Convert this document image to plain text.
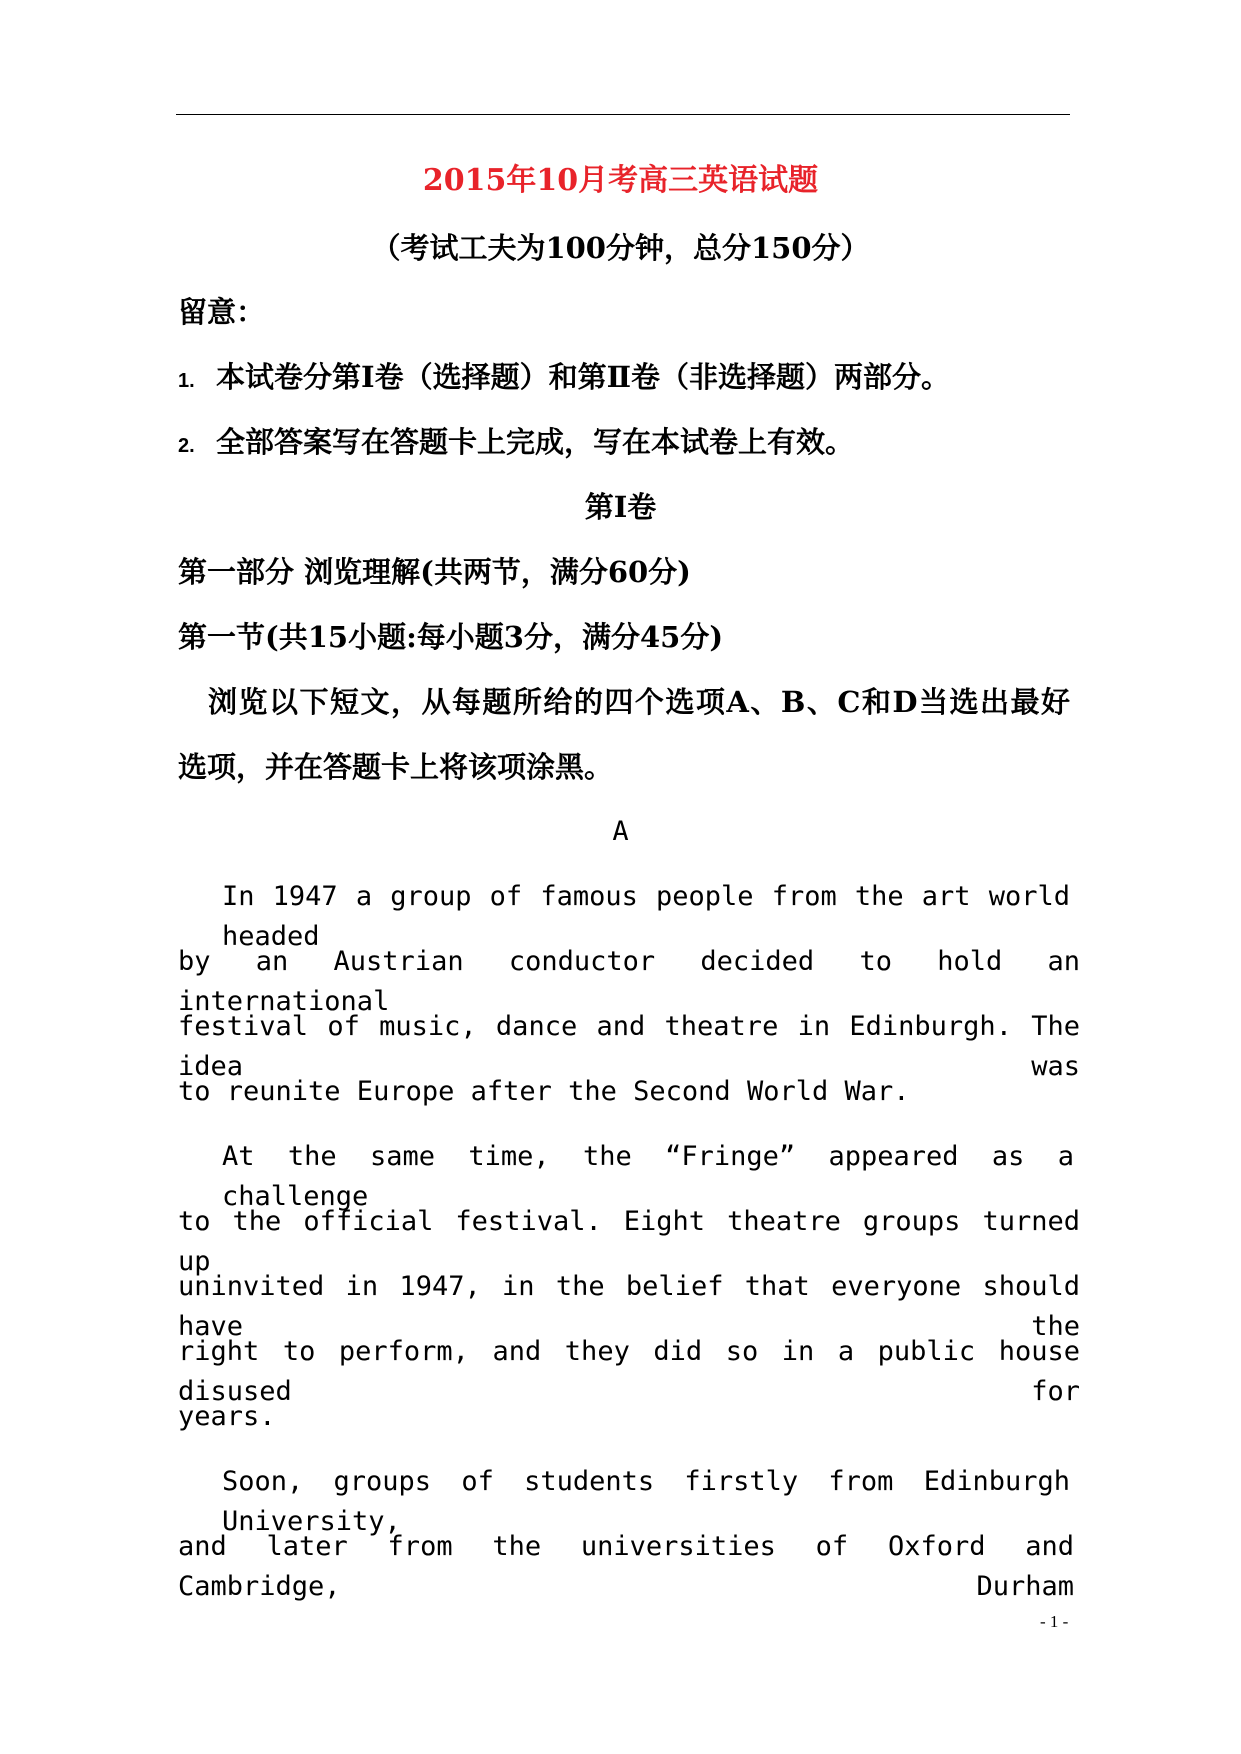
2015年10月考高三英语试题

（考试工夫为100分钟，总分150分）

留意：

1. 本试卷分第Ⅰ卷（选择题）和第Ⅱ卷（非选择题）两部分。

2. 全部答案写在答题卡上完成，写在本试卷上有效。

第Ⅰ卷

第一部分 浏览理解(共两节，满分60分)

第一节(共15小题:每小题3分，满分45分)

浏览以下短文，从每题所给的四个选项A、B、C和D当选出最好

选项，并在答题卡上将该项涂黑。

A

In 1947 a group of famous people from the art world headed

by an Austrian conductor decided to hold an international

festival of music, dance and theatre in Edinburgh. The idea was

to reunite Europe after the Second World War.

At the same time, the “Fringe” appeared as a challenge

to the official festival. Eight theatre groups turned up

uninvited in 1947, in the belief that everyone should have the

right to perform, and they did so in a public house disused for

years.

Soon, groups of students firstly from Edinburgh University,

and later from the universities of Oxford and Cambridge, Durham

- 1 -
